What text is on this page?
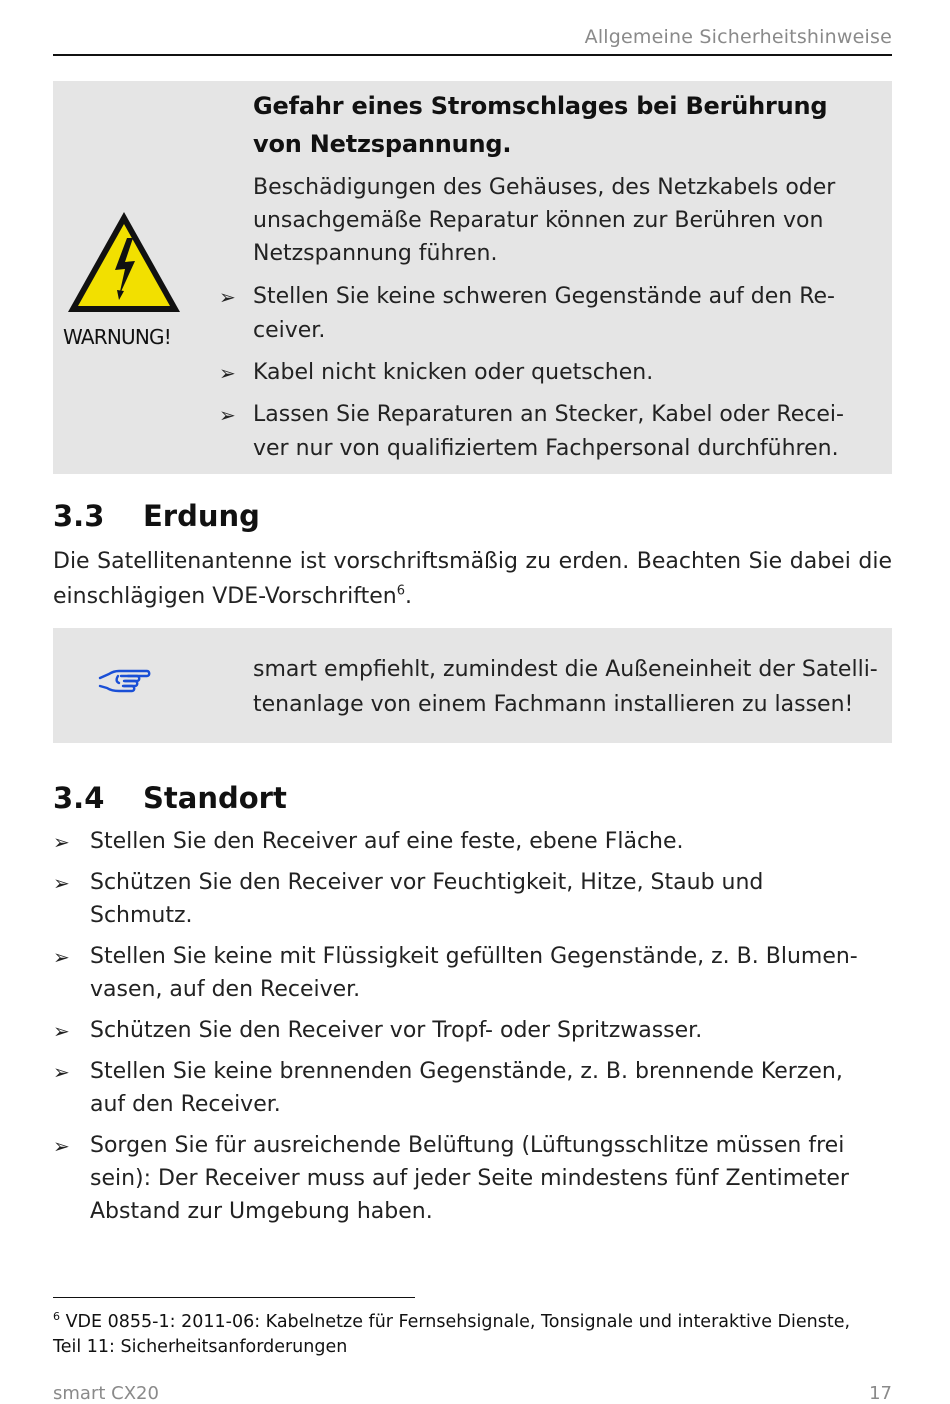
Allgemeine Sicherheitshinweise
WARNUNG!
Gefahr eines Stromschlages bei Berührung von Netzspannung.
Beschädigungen des Gehäuses, des Netzkabels oder unsachgemäße Reparatur können zur Berühren von Netzspannung führen.
➢ Stellen Sie keine schweren Gegenstände auf den Re-
ceiver.
➢ Kabel nicht knicken oder quetschen.
➢ Lassen Sie Reparaturen an Stecker, Kabel oder Recei-
ver nur von qualifiziertem Fachpersonal durchführen.
3.3 Erdung
Die Satellitenantenne ist vorschriftsmäßig zu erden. Beachten Sie dabei die einschlägigen VDE-Vorschriften$^6$.
smart empfiehlt, zumindest die Außeneinheit der Satelli-
tenanlage von einem Fachmann installieren zu lassen!
3.4 Standort
➢ Stellen Sie den Receiver auf eine feste, ebene Fläche.
➢ Schützen Sie den Receiver vor Feuchtigkeit, Hitze, Staub und
Schmutz.
➢ Stellen Sie keine mit Flüssigkeit gefüllten Gegenstände, z. B. Blumen-
vasen, auf den Receiver.
➢ Schützen Sie den Receiver vor Tropf- oder Spritzwasser.
➢ Stellen Sie keine brennenden Gegenstände, z. B. brennende Kerzen,
auf den Receiver.
➢ Sorgen Sie für ausreichende Belüftung (Lüftungsschlitze müssen frei
sein): Der Receiver muss auf jeder Seite mindestens fünf Zentimeter
Abstand zur Umgebung haben.
$^6$ VDE 0855-1: 2011-06: Kabelnetze für Fernsehsignale, Tonsignale und interaktive Dienste,
Teil 11: Sicherheitsanforderungen
smart CX20	17
